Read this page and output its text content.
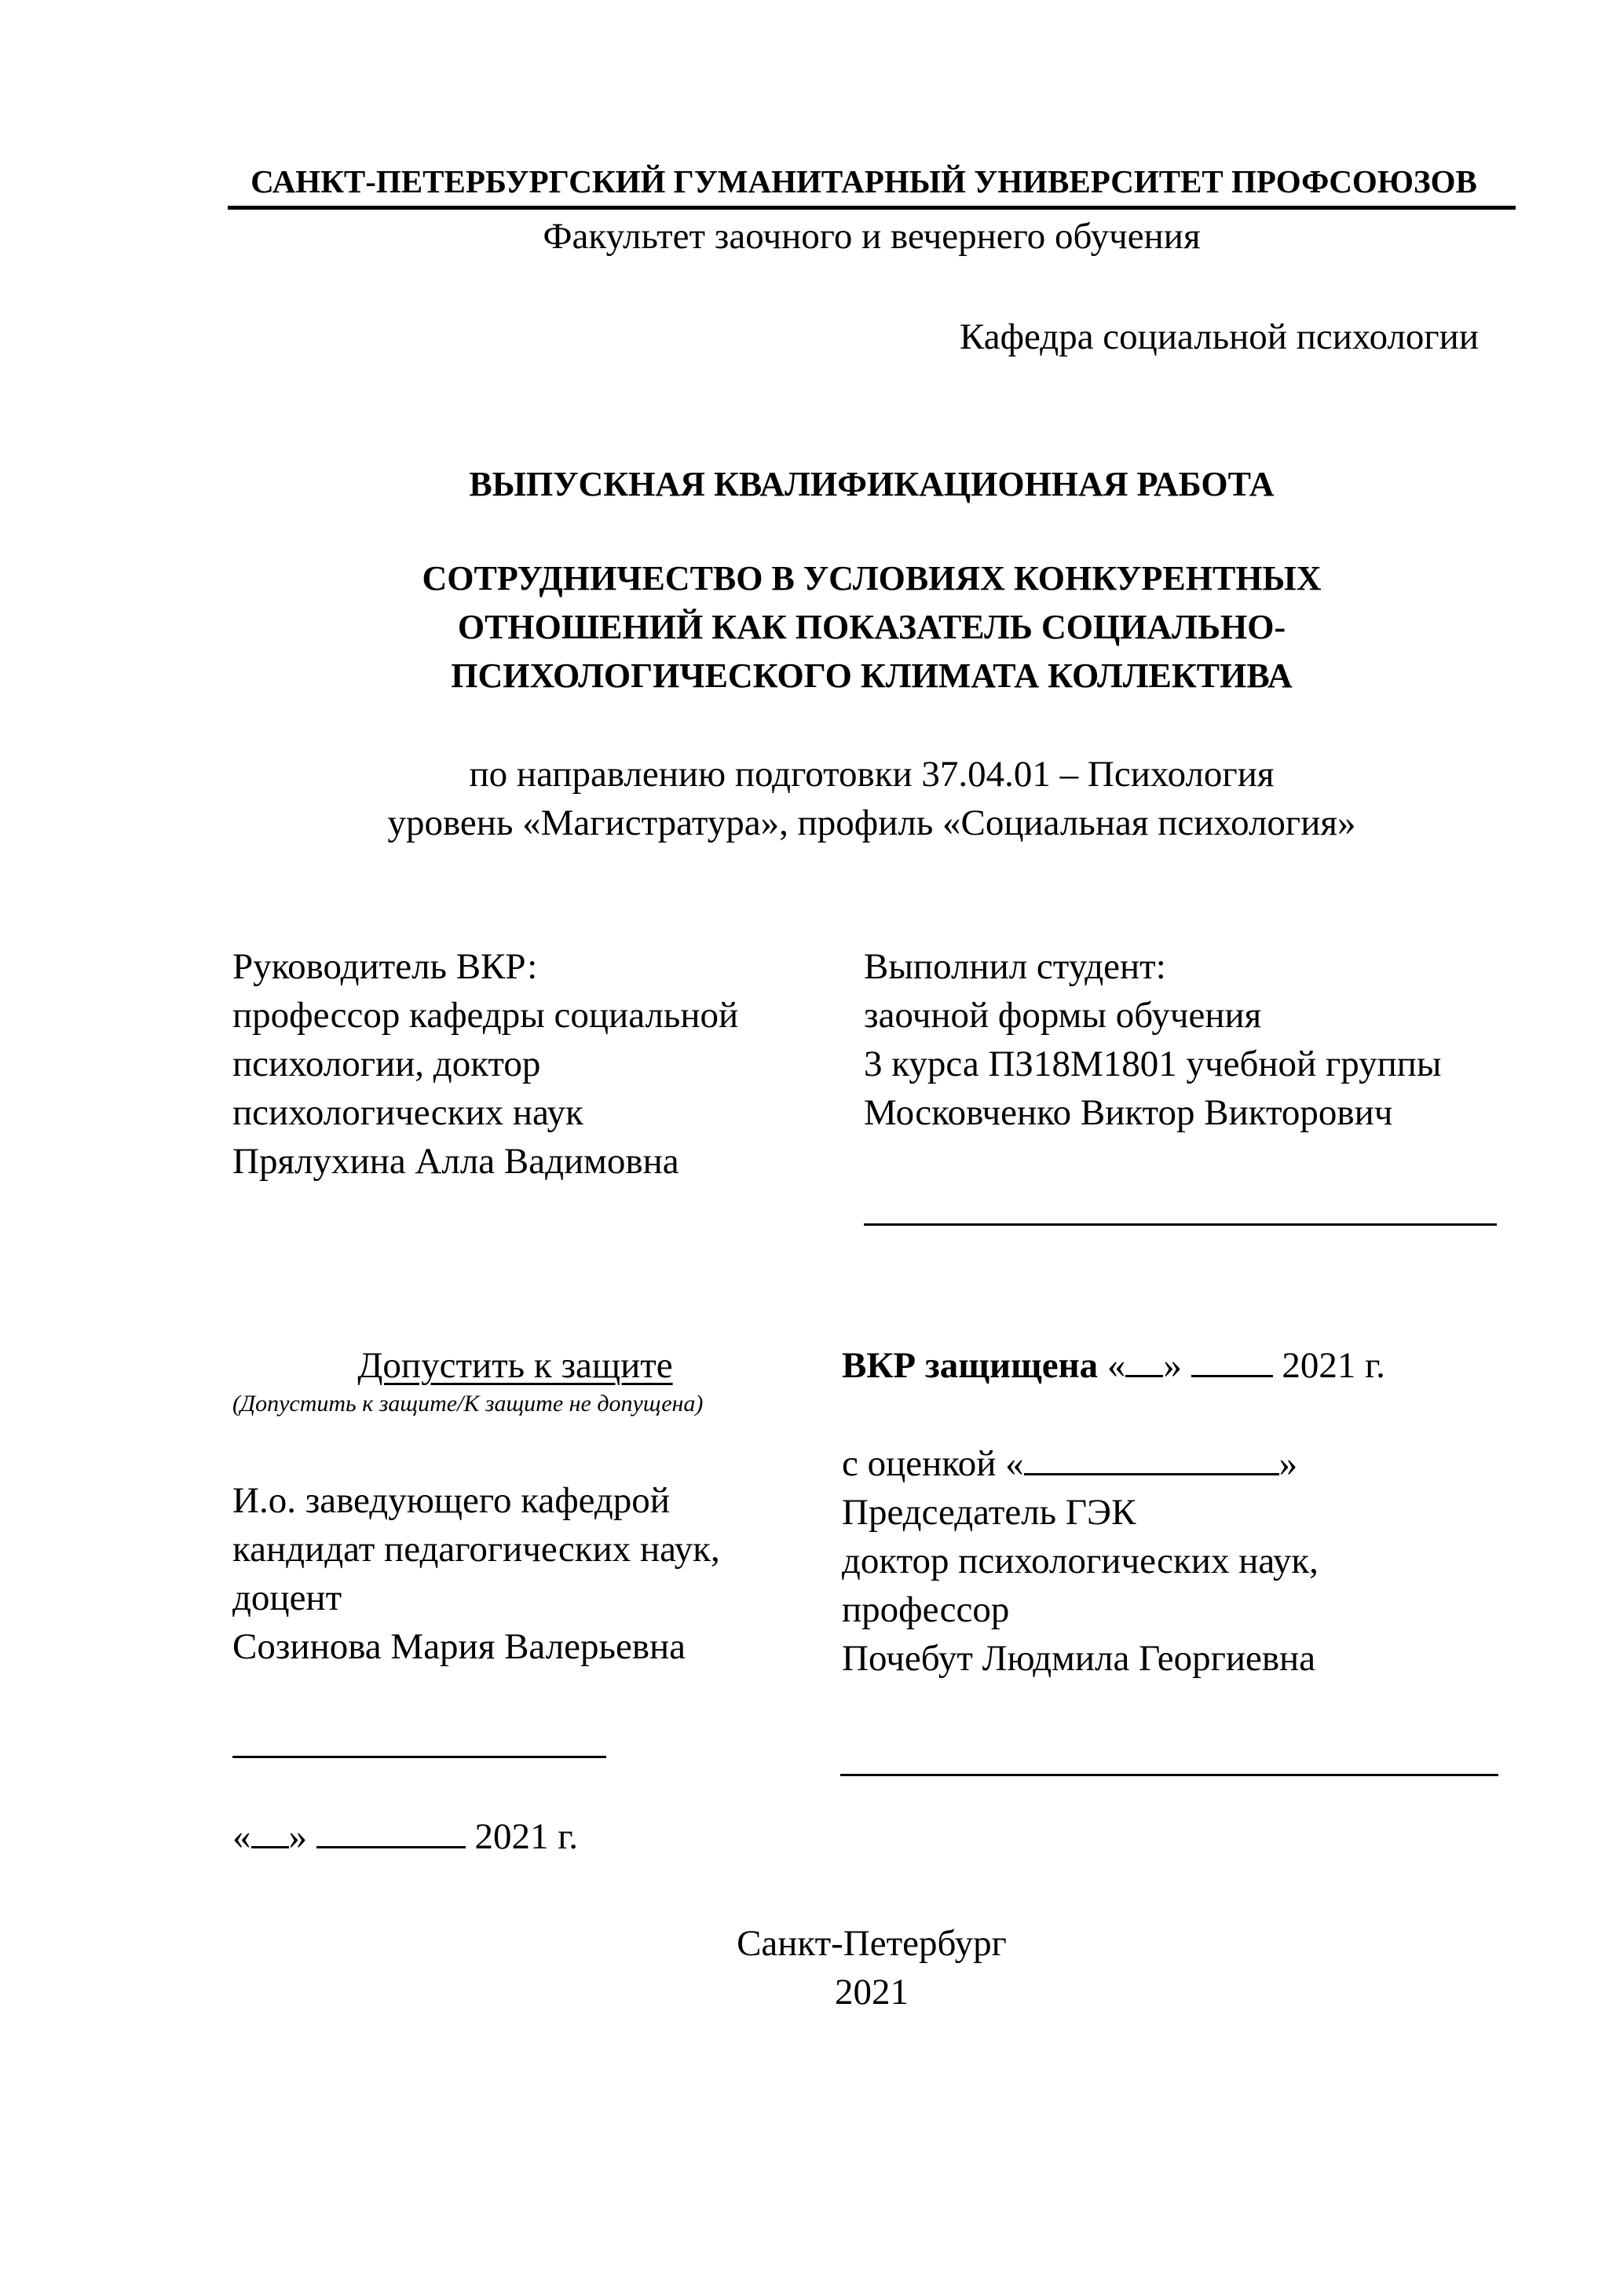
САНКТ-ПЕТЕРБУРГСКИЙ ГУМАНИТАРНЫЙ УНИВЕРСИТЕТ ПРОФСОЮЗОВ
Факультет заочного и вечернего обучения
Кафедра социальной психологии
ВЫПУСКНАЯ КВАЛИФИКАЦИОННАЯ РАБОТА
СОТРУДНИЧЕСТВО В УСЛОВИЯХ КОНКУРЕНТНЫХ
ОТНОШЕНИЙ КАК ПОКАЗАТЕЛЬ СОЦИАЛЬНО-
ПСИХОЛОГИЧЕСКОГО КЛИМАТА КОЛЛЕКТИВА
по направлению подготовки 37.04.01 – Психология
уровень «Магистратура», профиль «Социальная психология»
Руководитель ВКР:
профессор кафедры социальной
психологии, доктор
психологических наук
Прялухина Алла Вадимовна
Выполнил студент:
заочной формы обучения
3 курса ПЗ18М1801 учебной группы
Московченко Виктор Викторович
Допустить к защите
(Допустить к защите/К защите не допущена)
И.о. заведующего кафедрой
кандидат педагогических наук,
доцент
Созинова Мария Валерьевна
« »	2021 г.
ВКР защищена « »	2021 г.
с оценкой «	»
Председатель ГЭК
доктор психологических наук,
профессор
Почебут Людмила Георгиевна
Санкт-Петербург
2021
